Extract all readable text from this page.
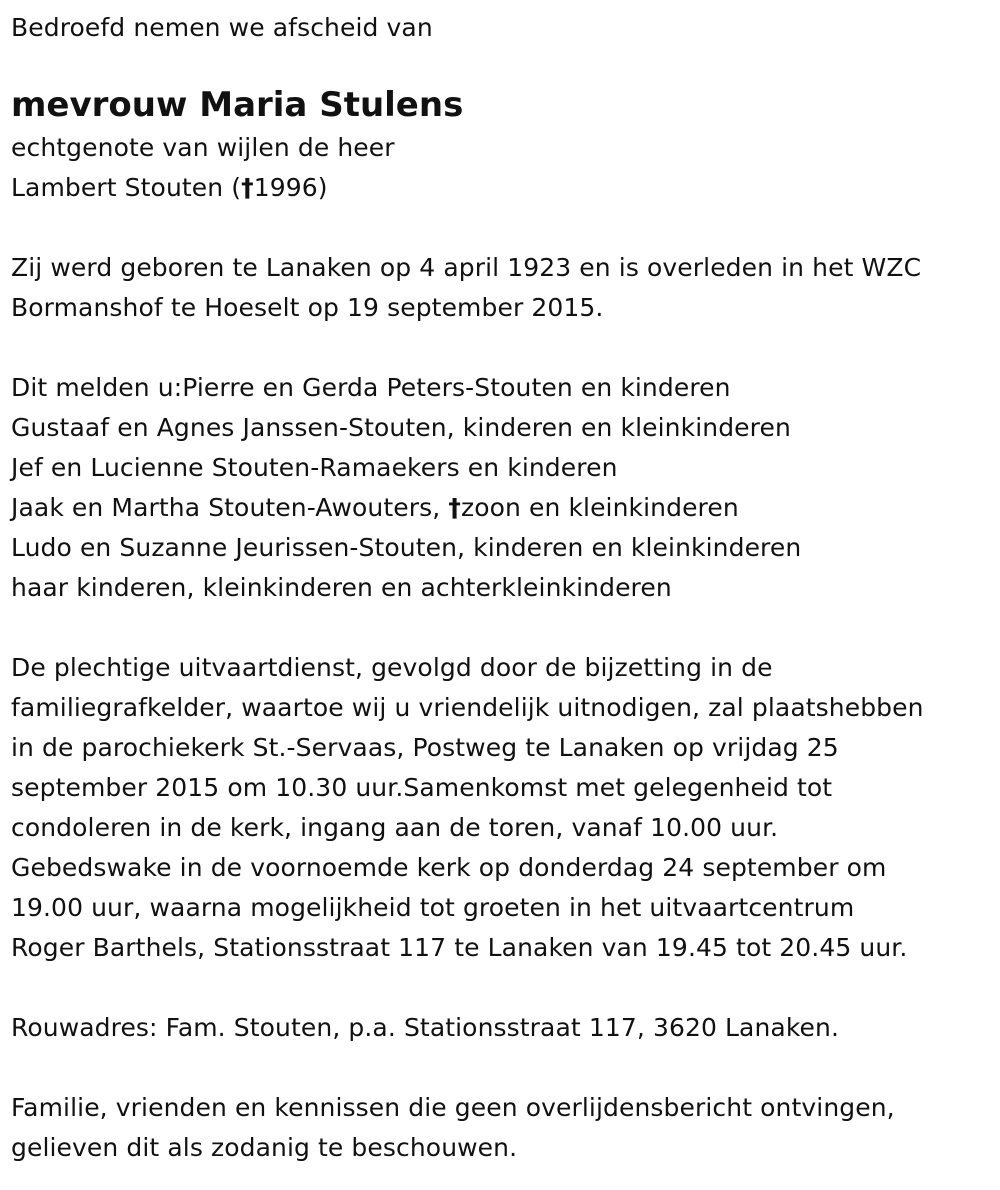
Bedroefd nemen we afscheid van
mevrouw Maria Stulens
echtgenote van wijlen de heer
Lambert Stouten (†1996)
Zij werd geboren te Lanaken op 4 april 1923 en is overleden in het WZC
Bormanshof te Hoeselt op 19 september 2015.
Dit melden u:Pierre en Gerda Peters-Stouten en kinderen
Gustaaf en Agnes Janssen-Stouten, kinderen en kleinkinderen
Jef en Lucienne Stouten-Ramaekers en kinderen
Jaak en Martha Stouten-Awouters, †zoon en kleinkinderen
Ludo en Suzanne Jeurissen-Stouten, kinderen en kleinkinderen
haar kinderen, kleinkinderen en achterkleinkinderen
De plechtige uitvaartdienst, gevolgd door de bijzetting in de
familiegrafkelder, waartoe wij u vriendelijk uitnodigen, zal plaatshebben
in de parochiekerk St.-Servaas, Postweg te Lanaken op vrijdag 25
september 2015 om 10.30 uur.Samenkomst met gelegenheid tot
condoleren in de kerk, ingang aan de toren, vanaf 10.00 uur.
Gebedswake in de voornoemde kerk op donderdag 24 september om
19.00 uur, waarna mogelijkheid tot groeten in het uitvaartcentrum
Roger Barthels, Stationsstraat 117 te Lanaken van 19.45 tot 20.45 uur.
Rouwadres: Fam. Stouten, p.a. Stationsstraat 117, 3620 Lanaken.
Familie, vrienden en kennissen die geen overlijdensbericht ontvingen,
gelieven dit als zodanig te beschouwen.
